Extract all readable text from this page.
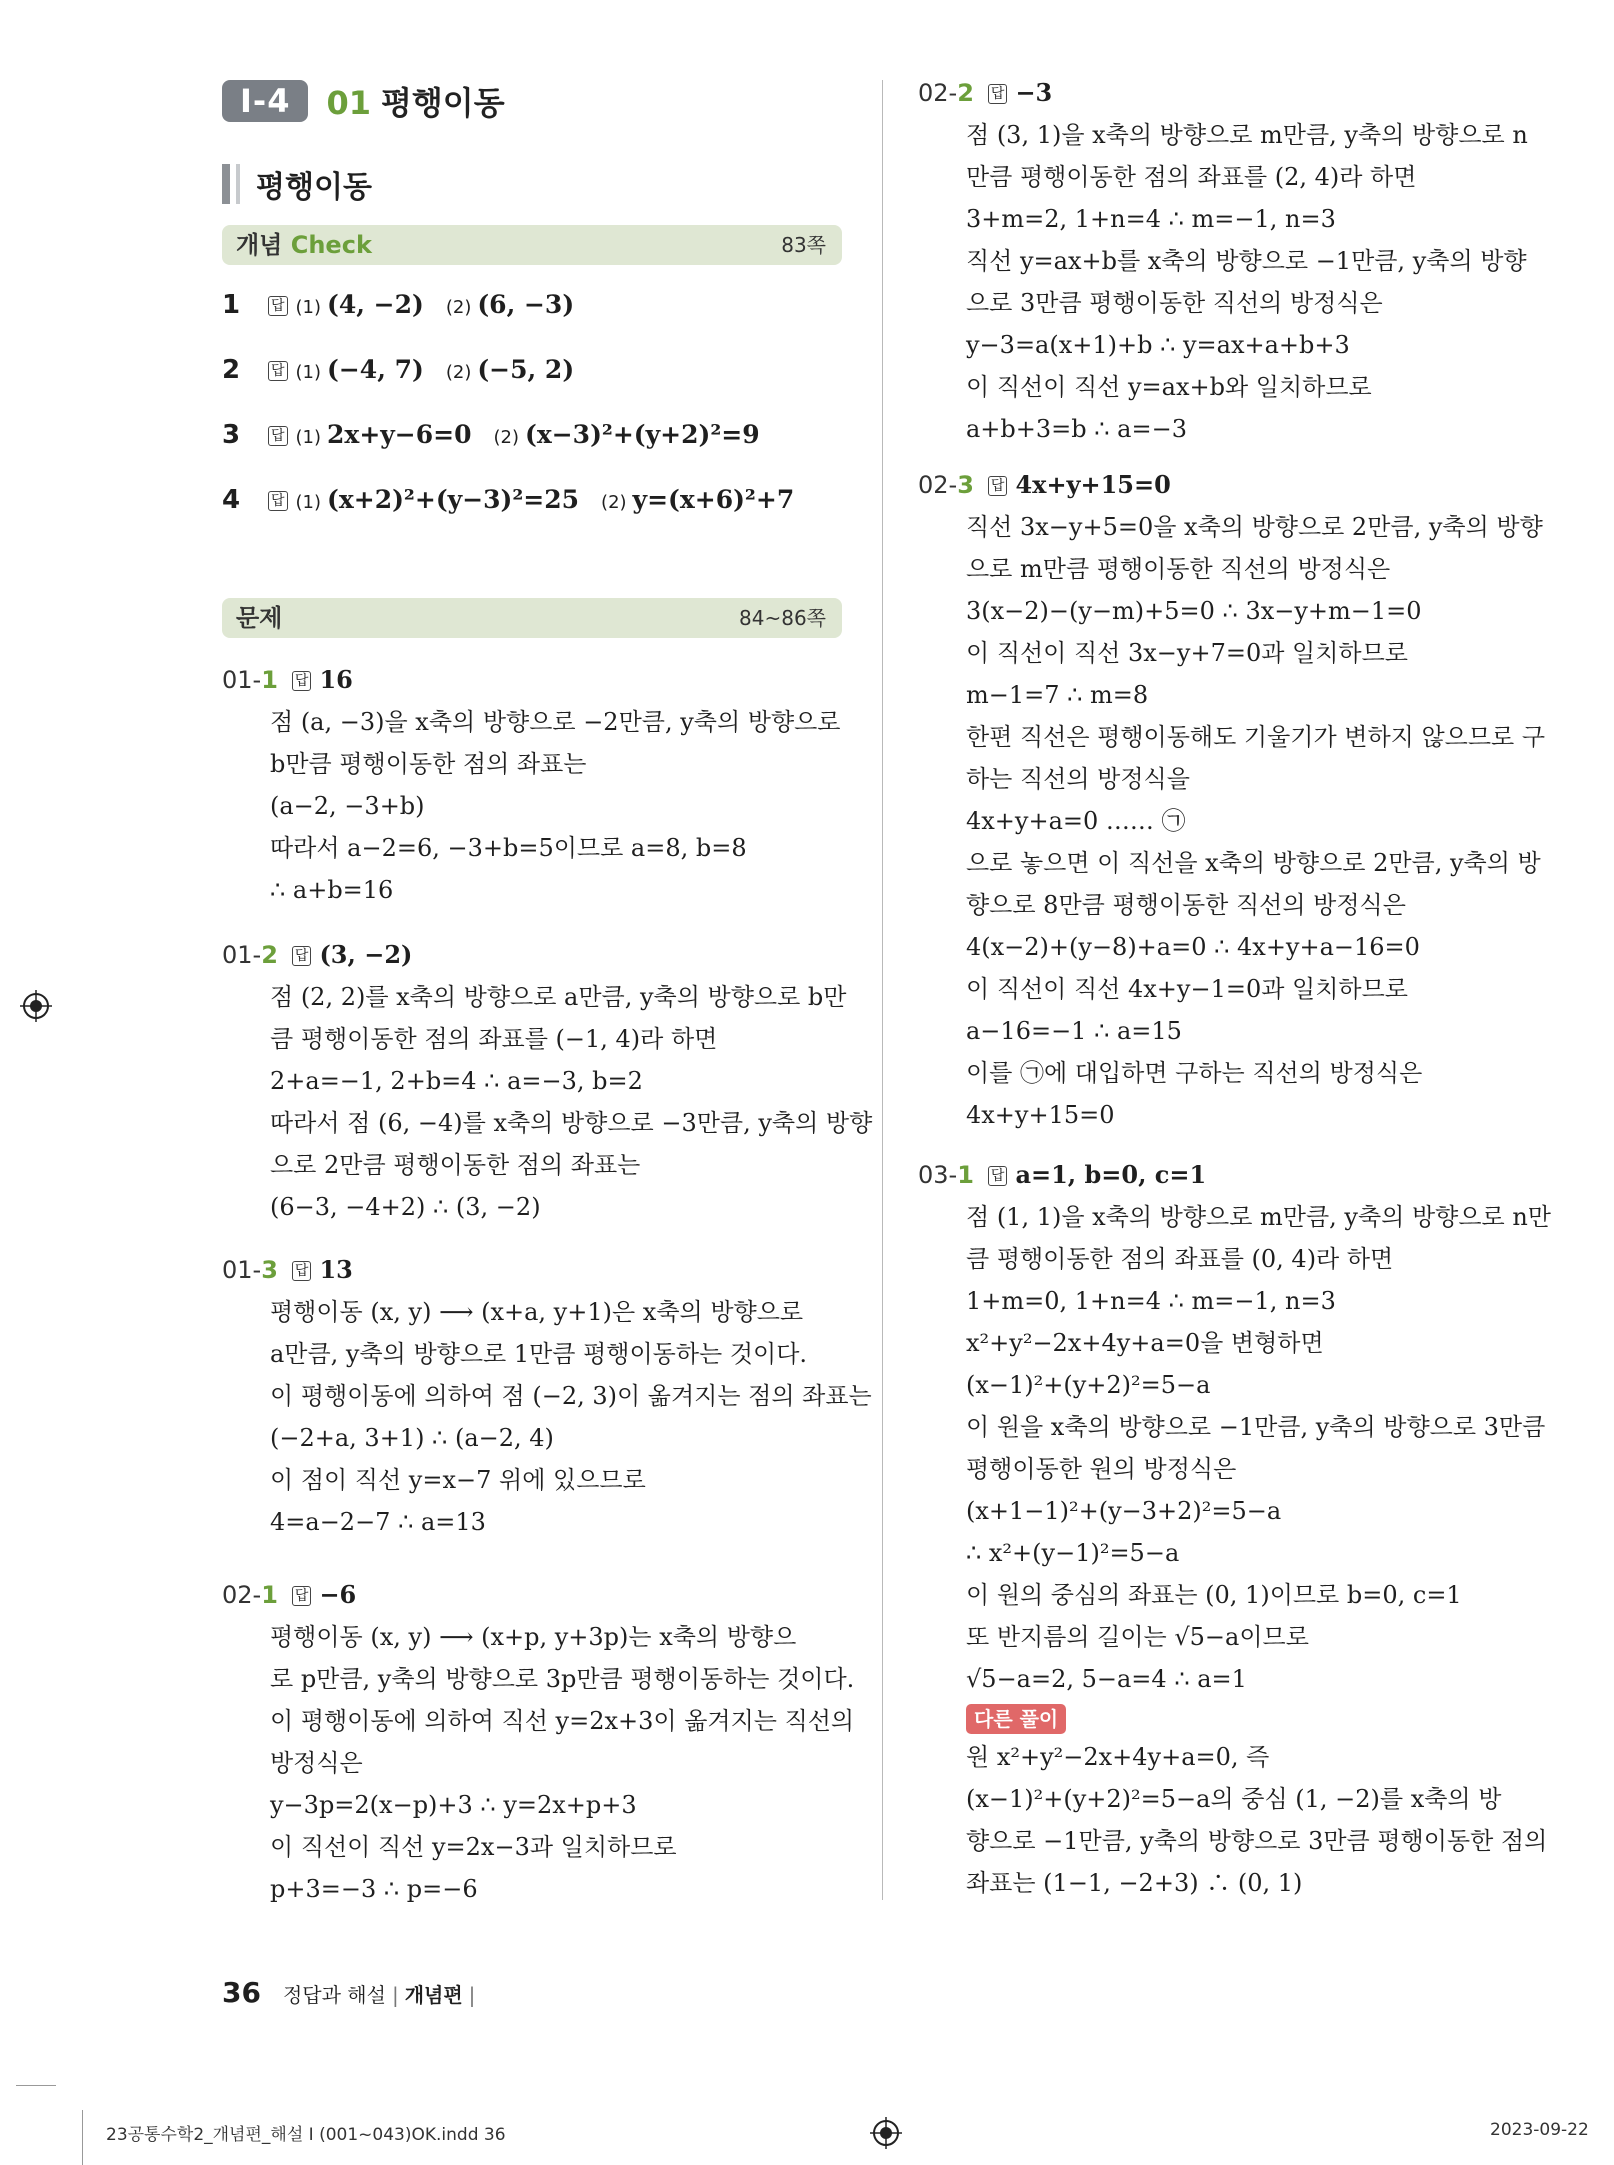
Ⅰ-4	01 평행이동
평행이동
개념 Check	83쪽
1	답 (1) (4, −2) (2) (6, −3)
2	답 (1) (−4, 7) (2) (−5, 2)
3	답 (1) 2x+y−6=0 (2) (x−3)²+(y+2)²=9
4	답 (1) (x+2)²+(y−3)²=25 (2) y=(x+6)²+7
문제	84~86쪽
01-1 답 16
점 (a, −3)을 x축의 방향으로 −2만큼, y축의 방향으로
b만큼 평행이동한 점의 좌표는
(a−2, −3+b)
따라서 a−2=6, −3+b=5이므로 a=8, b=8
∴ a+b=16
01-2 답 (3, −2)
점 (2, 2)를 x축의 방향으로 a만큼, y축의 방향으로 b만
큼 평행이동한 점의 좌표를 (−1, 4)라 하면
2+a=−1, 2+b=4 ∴ a=−3, b=2
따라서 점 (6, −4)를 x축의 방향으로 −3만큼, y축의 방향
으로 2만큼 평행이동한 점의 좌표는
(6−3, −4+2) ∴ (3, −2)
01-3 답 13
평행이동 (x, y) ⟶ (x+a, y+1)은 x축의 방향으로
a만큼, y축의 방향으로 1만큼 평행이동하는 것이다.
이 평행이동에 의하여 점 (−2, 3)이 옮겨지는 점의 좌표는
(−2+a, 3+1) ∴ (a−2, 4)
이 점이 직선 y=x−7 위에 있으므로
4=a−2−7 ∴ a=13
02-1 답 −6
평행이동 (x, y) ⟶ (x+p, y+3p)는 x축의 방향으
로 p만큼, y축의 방향으로 3p만큼 평행이동하는 것이다.
이 평행이동에 의하여 직선 y=2x+3이 옮겨지는 직선의
방정식은
y−3p=2(x−p)+3 ∴ y=2x+p+3
이 직선이 직선 y=2x−3과 일치하므로
p+3=−3 ∴ p=−6
02-2 답 −3
점 (3, 1)을 x축의 방향으로 m만큼, y축의 방향으로 n
만큼 평행이동한 점의 좌표를 (2, 4)라 하면
3+m=2, 1+n=4 ∴ m=−1, n=3
직선 y=ax+b를 x축의 방향으로 −1만큼, y축의 방향
으로 3만큼 평행이동한 직선의 방정식은
y−3=a(x+1)+b ∴ y=ax+a+b+3
이 직선이 직선 y=ax+b와 일치하므로
a+b+3=b ∴ a=−3
02-3 답 4x+y+15=0
직선 3x−y+5=0을 x축의 방향으로 2만큼, y축의 방향
으로 m만큼 평행이동한 직선의 방정식은
3(x−2)−(y−m)+5=0 ∴ 3x−y+m−1=0
이 직선이 직선 3x−y+7=0과 일치하므로
m−1=7 ∴ m=8
한편 직선은 평행이동해도 기울기가 변하지 않으므로 구
하는 직선의 방정식을
4x+y+a=0 …… ㉠
으로 놓으면 이 직선을 x축의 방향으로 2만큼, y축의 방
향으로 8만큼 평행이동한 직선의 방정식은
4(x−2)+(y−8)+a=0 ∴ 4x+y+a−16=0
이 직선이 직선 4x+y−1=0과 일치하므로
a−16=−1 ∴ a=15
이를 ㉠에 대입하면 구하는 직선의 방정식은
4x+y+15=0
03-1 답 a=1, b=0, c=1
점 (1, 1)을 x축의 방향으로 m만큼, y축의 방향으로 n만
큼 평행이동한 점의 좌표를 (0, 4)라 하면
1+m=0, 1+n=4 ∴ m=−1, n=3
x²+y²−2x+4y+a=0을 변형하면
(x−1)²+(y+2)²=5−a
이 원을 x축의 방향으로 −1만큼, y축의 방향으로 3만큼
평행이동한 원의 방정식은
(x+1−1)²+(y−3+2)²=5−a
∴ x²+(y−1)²=5−a
이 원의 중심의 좌표는 (0, 1)이므로 b=0, c=1
또 반지름의 길이는 √5−a이므로
√5−a=2, 5−a=4 ∴ a=1
다른 풀이
원 x²+y²−2x+4y+a=0, 즉
(x−1)²+(y+2)²=5−a의 중심 (1, −2)를 x축의 방
향으로 −1만큼, y축의 방향으로 3만큼 평행이동한 점의
좌표는 (1−1, −2+3) ∴ (0, 1)
36 정답과 해설 | 개념편 |
23공통수학2_개념편_해설 I (001~043)OK.indd 36	2023-09-22
